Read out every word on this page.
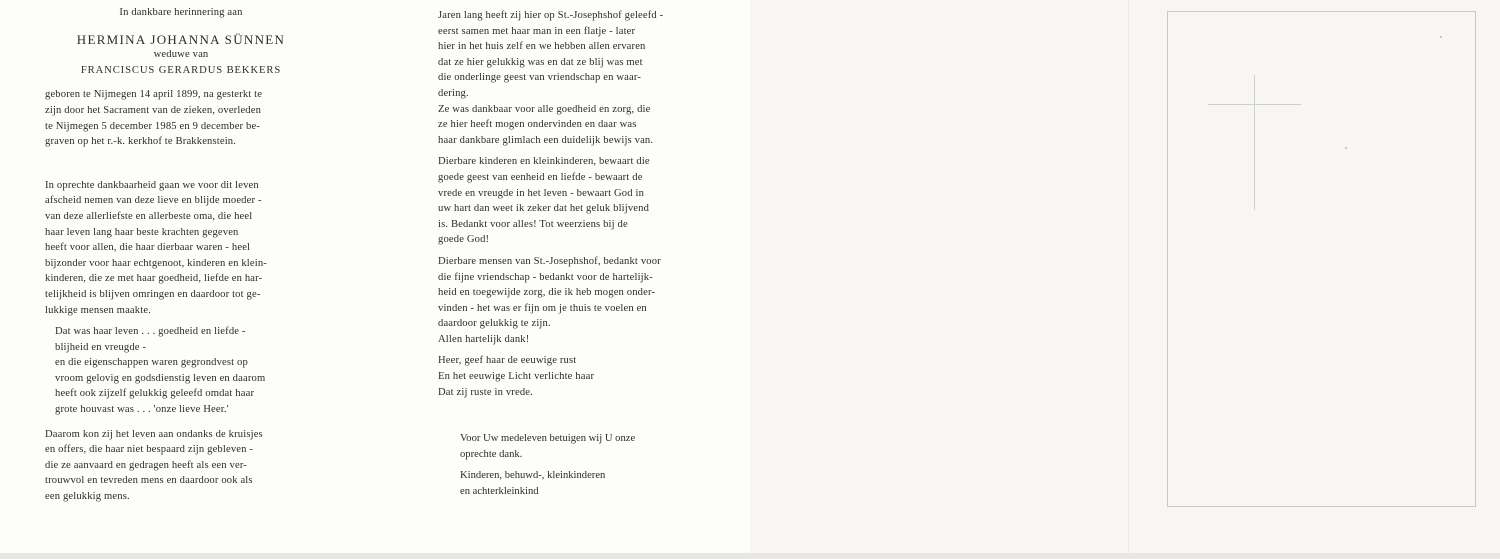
In dankbare herinnering aan

HERMINA JOHANNA SÜNNEN

weduwe van

FRANCISCUS GERARDUS BEKKERS

geboren te Nijmegen 14 april 1899, na gesterkt te

zijn door het Sacrament van de zieken, overleden

te Nijmegen 5 december 1985 en 9 december be-

graven op het r.-k. kerkhof te Brakkenstein.

In oprechte dankbaarheid gaan we voor dit leven

afscheid nemen van deze lieve en blijde moeder -

van deze allerliefste en allerbeste oma, die heel

haar leven lang haar beste krachten gegeven

heeft voor allen, die haar dierbaar waren - heel

bijzonder voor haar echtgenoot, kinderen en klein-

kinderen, die ze met haar goedheid, liefde en har-

telijkheid is blijven omringen en daardoor tot ge-

lukkige mensen maakte.

Dat was haar leven . . . goedheid en liefde -

blijheid en vreugde -

en die eigenschappen waren gegrondvest op

vroom gelovig en godsdienstig leven en daarom

heeft ook zijzelf gelukkig geleefd omdat haar

grote houvast was . . . 'onze lieve Heer.'

Daarom kon zij het leven aan ondanks de kruisjes

en offers, die haar niet bespaard zijn gebleven -

die ze aanvaard en gedragen heeft als een ver-

trouwvol en tevreden mens en daardoor ook als

een gelukkig mens.

Jaren lang heeft zij hier op St.-Josephshof geleefd -

eerst samen met haar man in een flatje - later

hier in het huis zelf en we hebben allen ervaren

dat ze hier gelukkig was en dat ze blij was met

die onderlinge geest van vriendschap en waar-

dering.

Ze was dankbaar voor alle goedheid en zorg, die

ze hier heeft mogen ondervinden en daar was

haar dankbare glimlach een duidelijk bewijs van.

Dierbare kinderen en kleinkinderen, bewaart die

goede geest van eenheid en liefde - bewaart de

vrede en vreugde in het leven - bewaart God in

uw hart dan weet ik zeker dat het geluk blijvend

is. Bedankt voor alles! Tot weerziens bij de

goede God!

Dierbare mensen van St.-Josephshof, bedankt voor

die fijne vriendschap - bedankt voor de hartelijk-

heid en toegewijde zorg, die ik heb mogen onder-

vinden - het was er fijn om je thuis te voelen en

daardoor gelukkig te zijn.

Allen hartelijk dank!

Heer, geef haar de eeuwige rust

En het eeuwige Licht verlichte haar

Dat zij ruste in vrede.

Voor Uw medeleven betuigen wij U onze

oprechte dank.

Kinderen, behuwd-, kleinkinderen

en achterkleinkind
